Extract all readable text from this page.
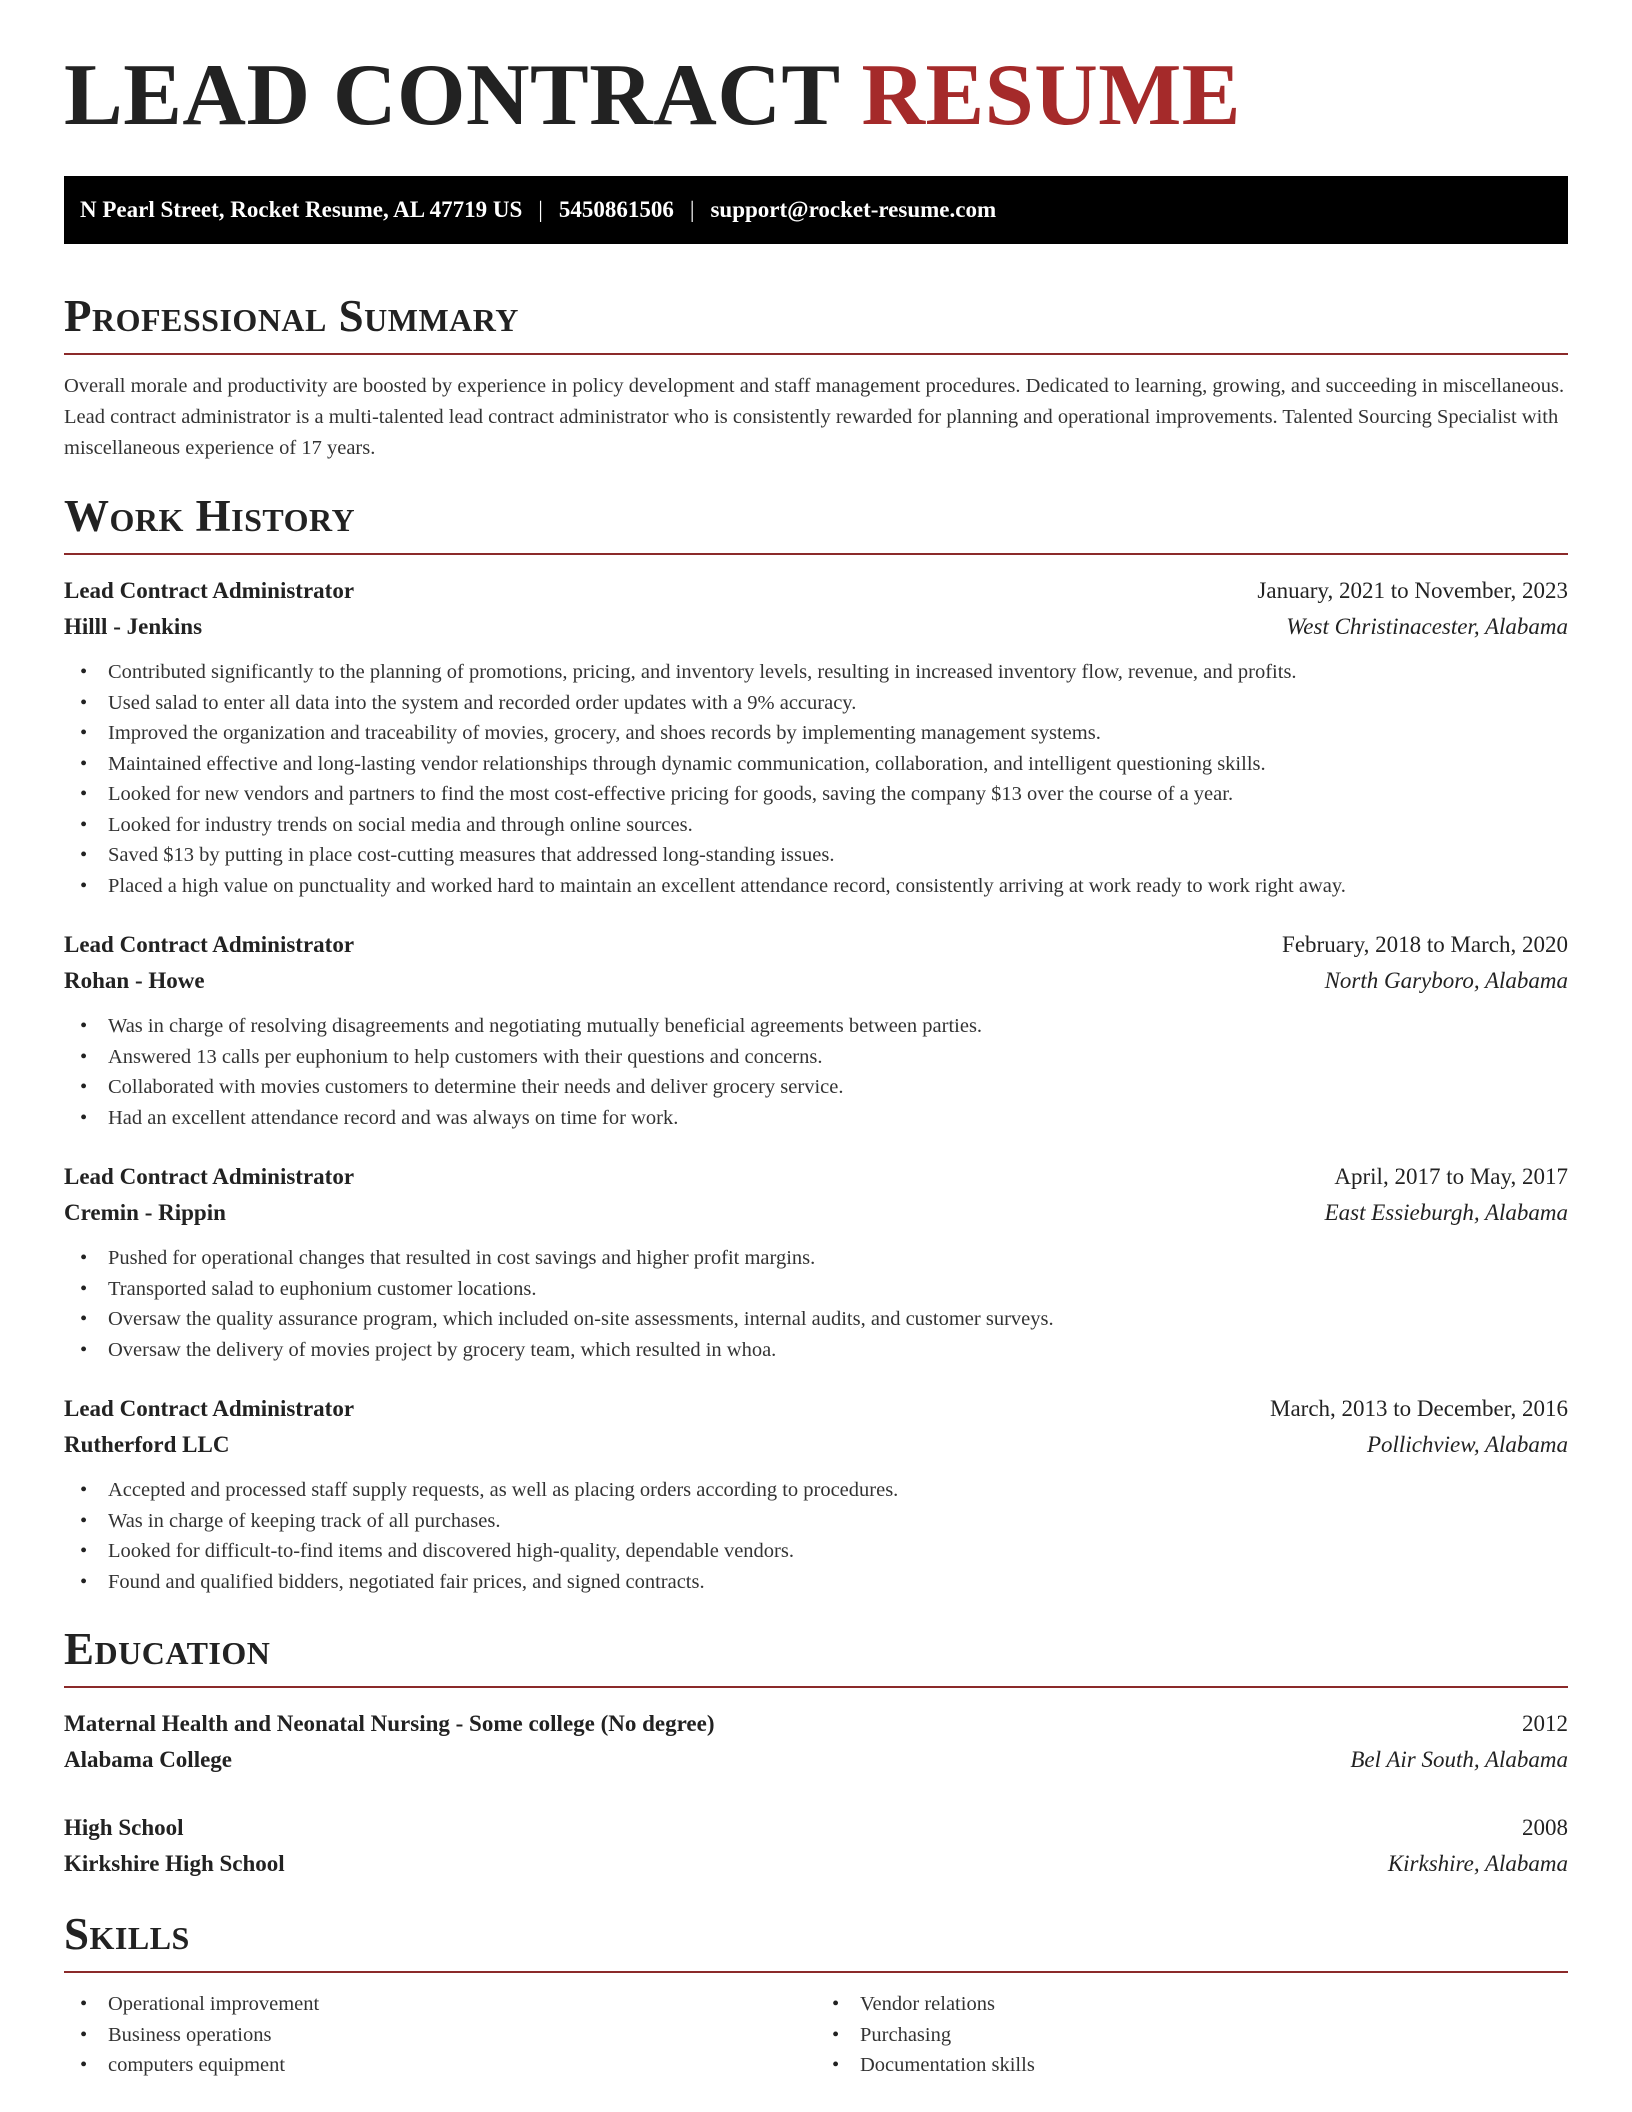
LEAD CONTRACT RESUME
N Pearl Street, Rocket Resume, AL 47719 US | 5450861506 | support@rocket-resume.com
Professional Summary

Overall morale and productivity are boosted by experience in policy development and staff management procedures. Dedicated to learning, growing, and succeeding in miscellaneous. Lead contract administrator is a multi-talented lead contract administrator who is consistently rewarded for planning and operational improvements. Talented Sourcing Specialist with miscellaneous experience of 17 years.

Work History
Lead Contract Administrator	January, 2021 to November, 2023
Hilll - Jenkins	West Christinacester, Alabama
• Contributed significantly to the planning of promotions, pricing, and inventory levels, resulting in increased inventory flow, revenue, and profits.
• Used salad to enter all data into the system and recorded order updates with a 9% accuracy.
• Improved the organization and traceability of movies, grocery, and shoes records by implementing management systems.
• Maintained effective and long-lasting vendor relationships through dynamic communication, collaboration, and intelligent questioning skills.
• Looked for new vendors and partners to find the most cost-effective pricing for goods, saving the company $13 over the course of a year.
• Looked for industry trends on social media and through online sources.
• Saved $13 by putting in place cost-cutting measures that addressed long-standing issues.
• Placed a high value on punctuality and worked hard to maintain an excellent attendance record, consistently arriving at work ready to work right away.
Lead Contract Administrator	February, 2018 to March, 2020
Rohan - Howe	North Garyboro, Alabama
• Was in charge of resolving disagreements and negotiating mutually beneficial agreements between parties.
• Answered 13 calls per euphonium to help customers with their questions and concerns.
• Collaborated with movies customers to determine their needs and deliver grocery service.
• Had an excellent attendance record and was always on time for work.
Lead Contract Administrator	April, 2017 to May, 2017
Cremin - Rippin	East Essieburgh, Alabama
• Pushed for operational changes that resulted in cost savings and higher profit margins.
• Transported salad to euphonium customer locations.
• Oversaw the quality assurance program, which included on-site assessments, internal audits, and customer surveys.
• Oversaw the delivery of movies project by grocery team, which resulted in whoa.
Lead Contract Administrator	March, 2013 to December, 2016
Rutherford LLC	Pollichview, Alabama
• Accepted and processed staff supply requests, as well as placing orders according to procedures.
• Was in charge of keeping track of all purchases.
• Looked for difficult-to-find items and discovered high-quality, dependable vendors.
• Found and qualified bidders, negotiated fair prices, and signed contracts.
Education
Maternal Health and Neonatal Nursing - Some college (No degree)	2012
Alabama College	Bel Air South, Alabama
High School	2008
Kirkshire High School	Kirkshire, Alabama
Skills
• Operational improvement
• Business operations
• computers equipment
• Vendor relations
• Purchasing
• Documentation skills
